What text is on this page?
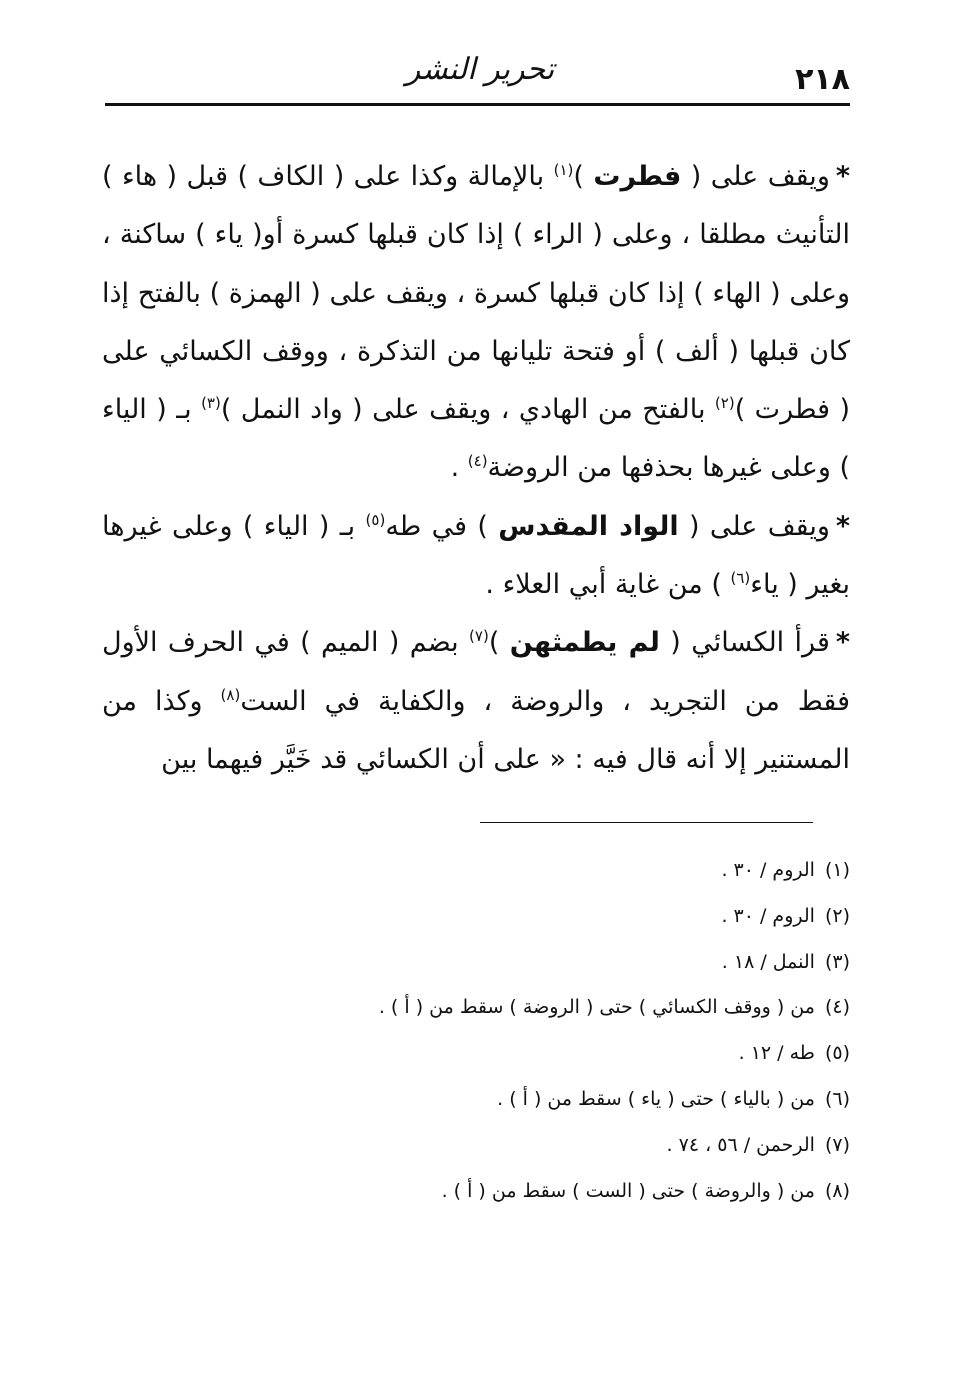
٢١٨
تحرير النشر

*ويقف على ( فطرت )$^{(١)}$ بالإمالة وكذا على ( الكاف ) قبل ( هاء ) التأنيث مطلقا ، وعلى ( الراء ) إذا كان قبلها كسرة أو( ياء ) ساكنة ، وعلى ( الهاء ) إذا كان قبلها كسرة ، ويقف على ( الهمزة ) بالفتح إذا كان قبلها ( ألف ) أو فتحة تليانها من التذكرة ، ووقف الكسائي على ( فطرت )$^{(٢)}$ بالفتح من الهادي ، ويقف على ( واد النمل )$^{(٣)}$ بـ ( الياء ) وعلى غيرها بحذفها من الروضة$^{(٤)}$ .

*ويقف على ( الواد المقدس ) في طه$^{(٥)}$ بـ ( الياء ) وعلى غيرها بغير ( ياء$^{(٦)}$ ) من غاية أبي العلاء .

*قرأ الكسائي ( لم يطمثهن )$^{(٧)}$ بضم ( الميم ) في الحرف الأول فقط من التجريد ، والروضة ، والكفاية في الست$^{(٨)}$ وكذا من المستنير إلا أنه قال فيه : « على أن الكسائي قد خَيَّر فيهما بين

(١)الروم / ٣٠ .
(٢)الروم / ٣٠ .
(٣)النمل / ١٨ .
(٤)من ( ووقف الكسائي ) حتى ( الروضة ) سقط من ( أ ) .
(٥)طه / ١٢ .
(٦)من ( بالياء ) حتى ( ياء ) سقط من ( أ ) .
(٧)الرحمن / ٥٦ ، ٧٤ .
(٨)من ( والروضة ) حتى ( الست ) سقط من ( أ ) .
